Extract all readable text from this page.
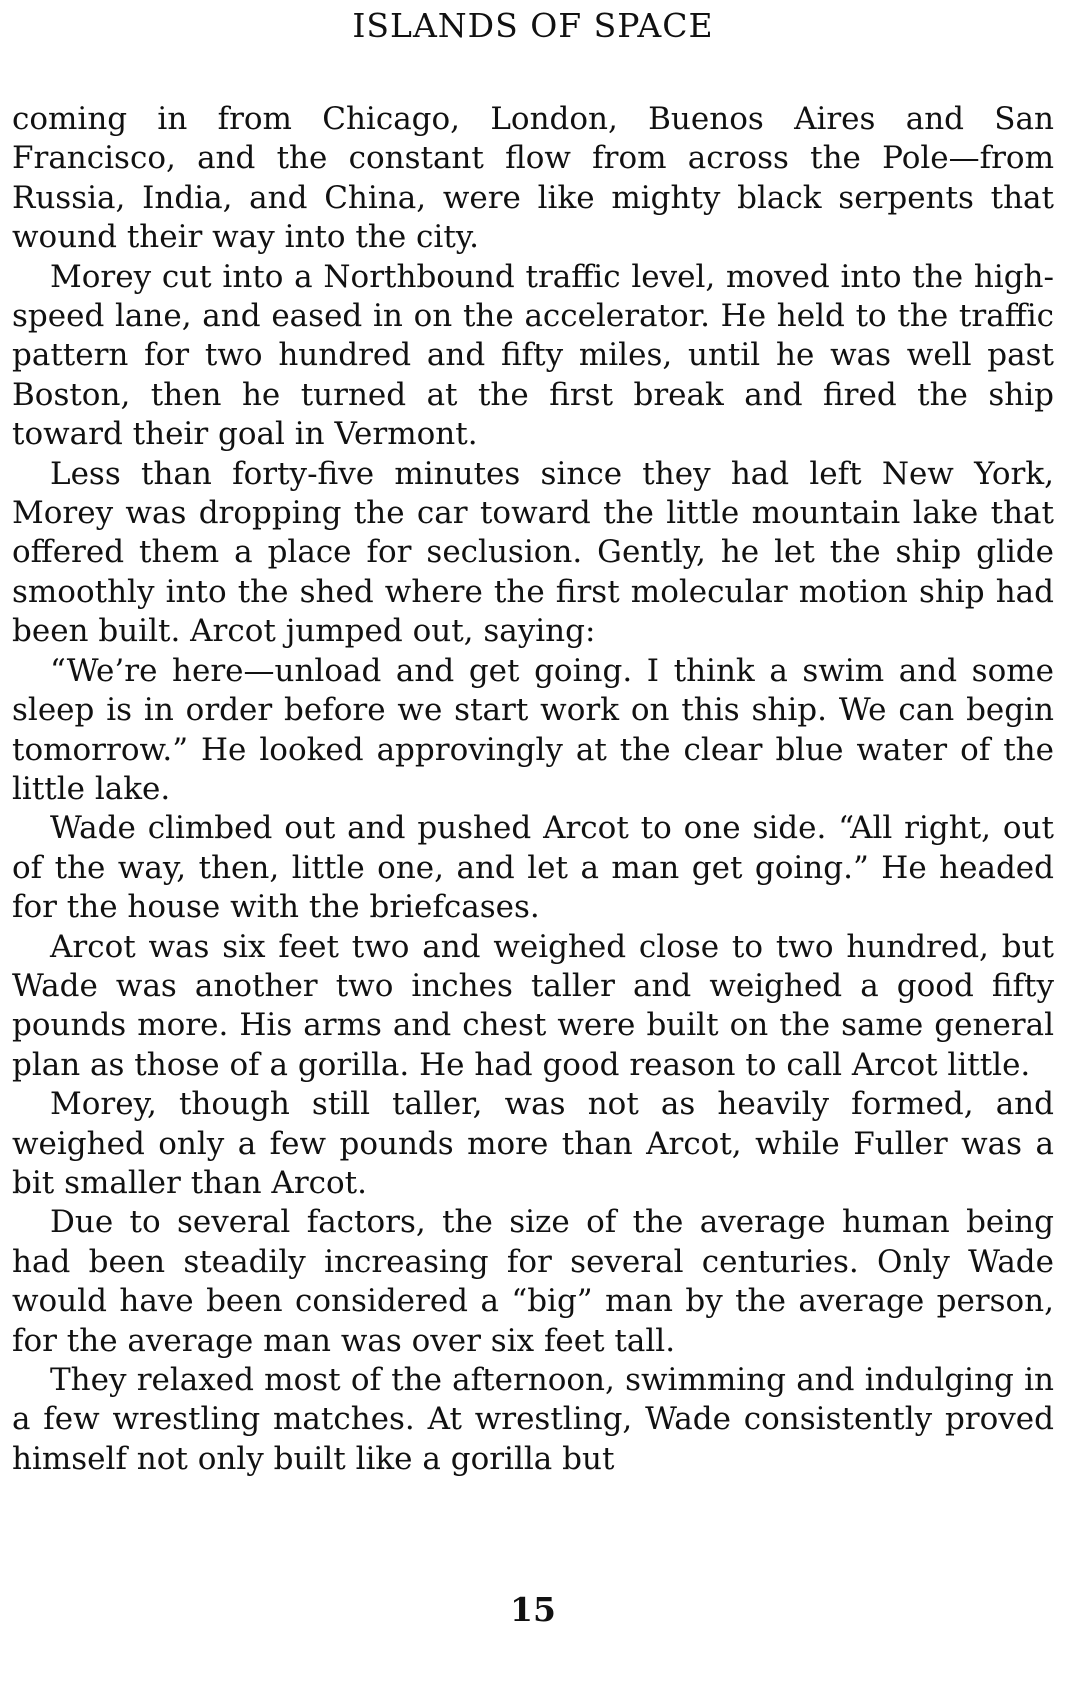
ISLANDS OF SPACE

coming in from Chicago, London, Buenos Aires and San Francisco, and the constant flow from across the Pole—from Russia, India, and China, were like mighty black serpents that wound their way into the city.

Morey cut into a Northbound traffic level, moved into the high-speed lane, and eased in on the accelerator. He held to the traffic pattern for two hundred and fifty miles, until he was well past Boston, then he turned at the first break and fired the ship toward their goal in Vermont.

Less than forty-five minutes since they had left New York, Morey was dropping the car toward the little mountain lake that offered them a place for seclusion. Gently, he let the ship glide smoothly into the shed where the first molecular motion ship had been built. Arcot jumped out, saying:

“We’re here—unload and get going. I think a swim and some sleep is in order before we start work on this ship. We can begin tomorrow.” He looked approvingly at the clear blue water of the little lake.

Wade climbed out and pushed Arcot to one side. “All right, out of the way, then, little one, and let a man get going.” He headed for the house with the briefcases.

Arcot was six feet two and weighed close to two hundred, but Wade was another two inches taller and weighed a good fifty pounds more. His arms and chest were built on the same general plan as those of a gorilla. He had good reason to call Arcot little.

Morey, though still taller, was not as heavily formed, and weighed only a few pounds more than Arcot, while Fuller was a bit smaller than Arcot.

Due to several factors, the size of the average human being had been steadily increasing for several centuries. Only Wade would have been considered a “big” man by the average person, for the average man was over six feet tall.

They relaxed most of the afternoon, swimming and indulging in a few wrestling matches. At wrestling, Wade consistently proved himself not only built like a gorilla but

15
